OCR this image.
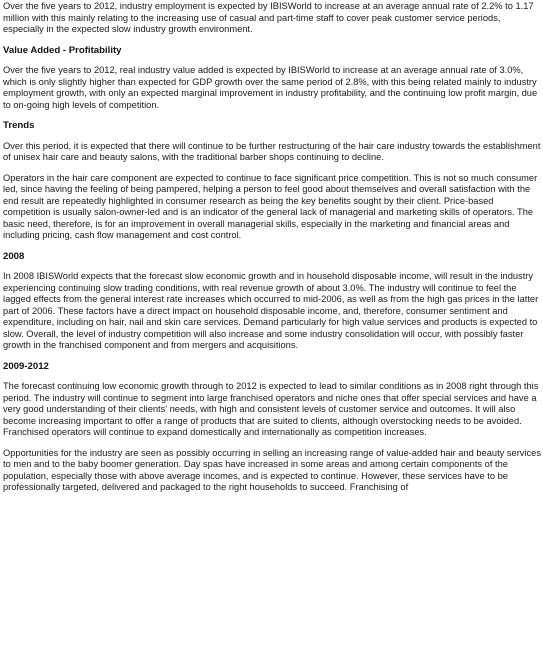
Over the five years to 2012, industry employment is expected by IBISWorld to increase at an average annual rate of 2.2% to 1.17 million with this mainly relating to the increasing use of casual and part-time staff to cover peak customer service periods, especially in the expected slow industry growth environment.

Value Added - Profitability

Over the five years to 2012, real industry value added is expected by IBISWorld to increase at an average annual rate of 3.0%, which is only slightly higher than expected for GDP growth over the same period of 2.8%, with this being related mainly to industry employment growth, with only an expected marginal improvement in industry profitability, and the continuing low profit margin, due to on-going high levels of competition.

Trends

Over this period, it is expected that there will continue to be further restructuring of the hair care industry towards the establishment of unisex hair care and beauty salons, with the traditional barber shops continuing to decline.

Operators in the hair care component are expected to continue to face significant price competition. This is not so much consumer led, since having the feeling of being pampered, helping a person to feel good about themselves and overall satisfaction with the end result are repeatedly highlighted in consumer research as being the key benefits sought by their client. Price-based competition is usually salon-owner-led and is an indicator of the general lack of managerial and marketing skills of operators. The basic need, therefore, is for an improvement in overall managerial skills, especially in the marketing and financial areas and including pricing, cash flow management and cost control.

2008

In 2008 IBISWorld expects that the forecast slow economic growth and in household disposable income, will result in the industry experiencing continuing slow trading conditions, with real revenue growth of about 3.0%. The industry will continue to feel the lagged effects from the general interest rate increases which occurred to mid-2006, as well as from the high gas prices in the latter part of 2006. These factors have a direct impact on household disposable income, and, therefore, consumer sentiment and expenditure, including on hair, nail and skin care services. Demand particularly for high value services and products is expected to slow. Overall, the level of industry competition will also increase and some industry consolidation will occur, with possibly faster growth in the franchised component and from mergers and acquisitions.

2009-2012

The forecast continuing low economic growth through to 2012 is expected to lead to similar conditions as in 2008 right through this period. The industry will continue to segment into large franchised operators and niche ones that offer special services and have a very good understanding of their clients' needs, with high and consistent levels of customer service and outcomes. It will also become increasing important to offer a range of products that are suited to clients, although overstocking needs to be avoided. Franchised operators will continue to expand domestically and internationally as competition increases.

Opportunities for the industry are seen as possibly occurring in selling an increasing range of value-added hair and beauty services to men and to the baby boomer generation. Day spas have increased in some areas and among certain components of the population, especially those with above average incomes, and is expected to continue. However, these services have to be professionally targeted, delivered and packaged to the right households to succeed. Franchising of
